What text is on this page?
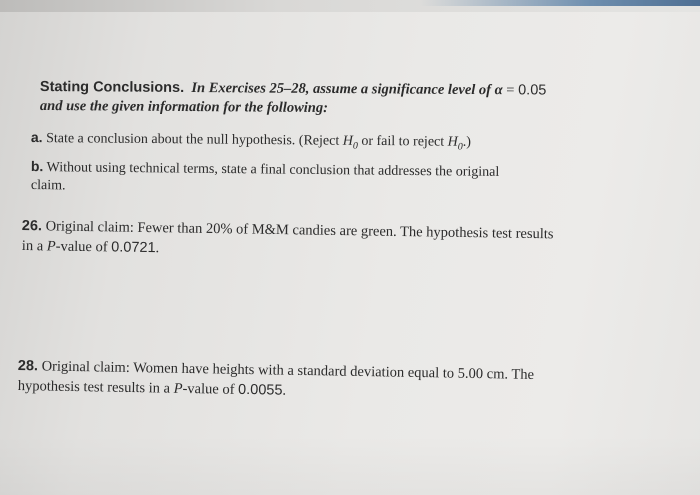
Stating Conclusions. In Exercises 25–28, assume a significance level of α = 0.05
and use the given information for the following:
a. State a conclusion about the null hypothesis. (Reject $H_0$ or fail to reject $H_0$.)
b. Without using technical terms, state a final conclusion that addresses the original
claim.
26. Original claim: Fewer than 20% of M&M candies are green. The hypothesis test results
in a P-value of 0.0721.
28. Original claim: Women have heights with a standard deviation equal to 5.00 cm. The
hypothesis test results in a P-value of 0.0055.
